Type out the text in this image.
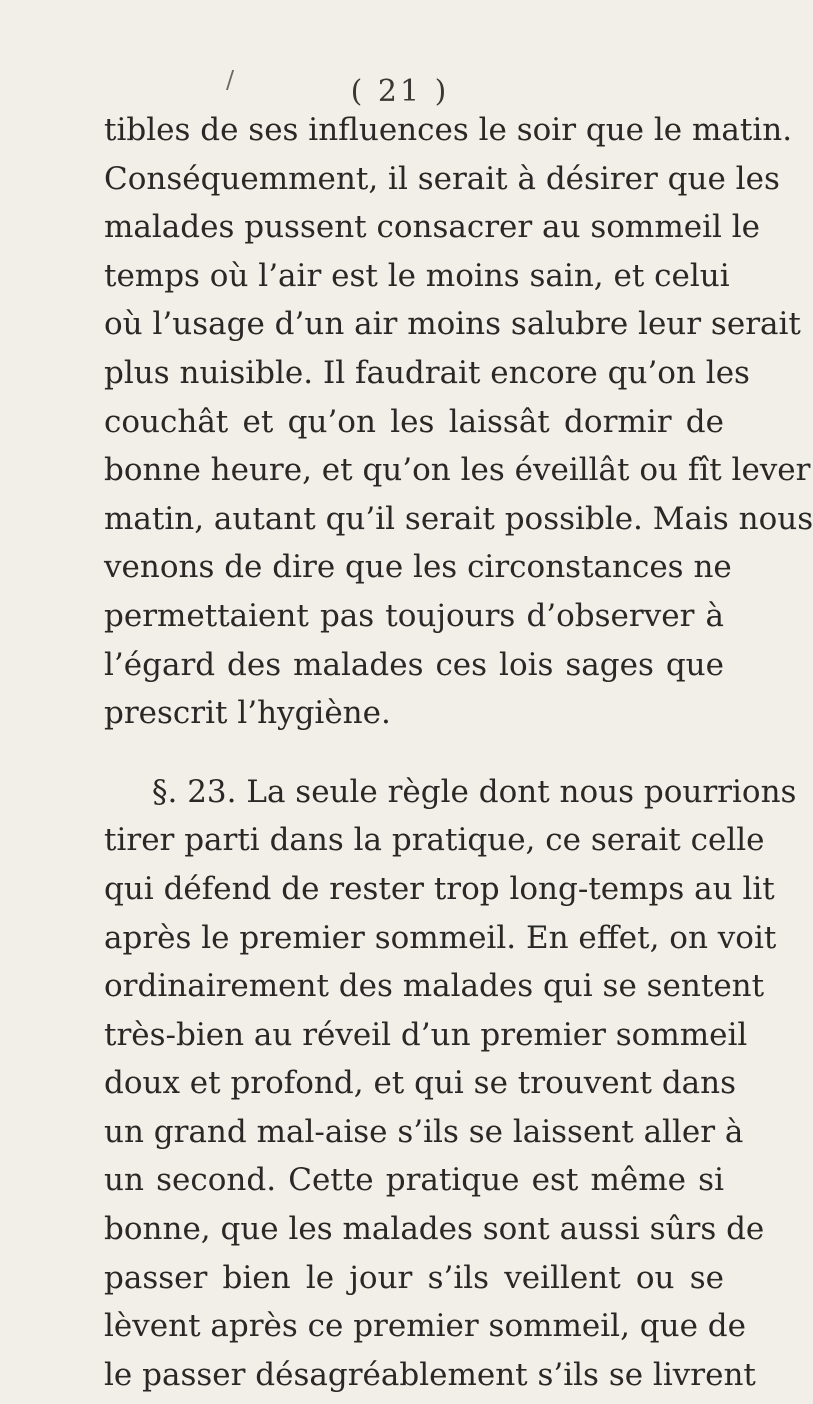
/	( 21 )
tibles de ses influences le soir que le matin.
Conséquemment, il serait à désirer que les
malades pussent consacrer au sommeil le
temps où l’air est le moins sain, et celui
où l’usage d’un air moins salubre leur serait
plus nuisible. Il faudrait encore qu’on les
couchât et qu’on les laissât dormir de
bonne heure, et qu’on les éveillât ou fît lever
matin, autant qu’il serait possible. Mais nous
venons de dire que les circonstances ne
permettaient pas toujours d’observer à
l’égard des malades ces lois sages que
prescrit l’hygiène.
§. 23. La seule règle dont nous pourrions
tirer parti dans la pratique, ce serait celle
qui défend de rester trop long-temps au lit
après le premier sommeil. En effet, on voit
ordinairement des malades qui se sentent
très-bien au réveil d’un premier sommeil
doux et profond, et qui se trouvent dans
un grand mal-aise s’ils se laissent aller à
un second. Cette pratique est même si
bonne, que les malades sont aussi sûrs de
passer bien le jour s’ils veillent ou se
lèvent après ce premier sommeil, que de
le passer désagréablement s’ils se livrent
